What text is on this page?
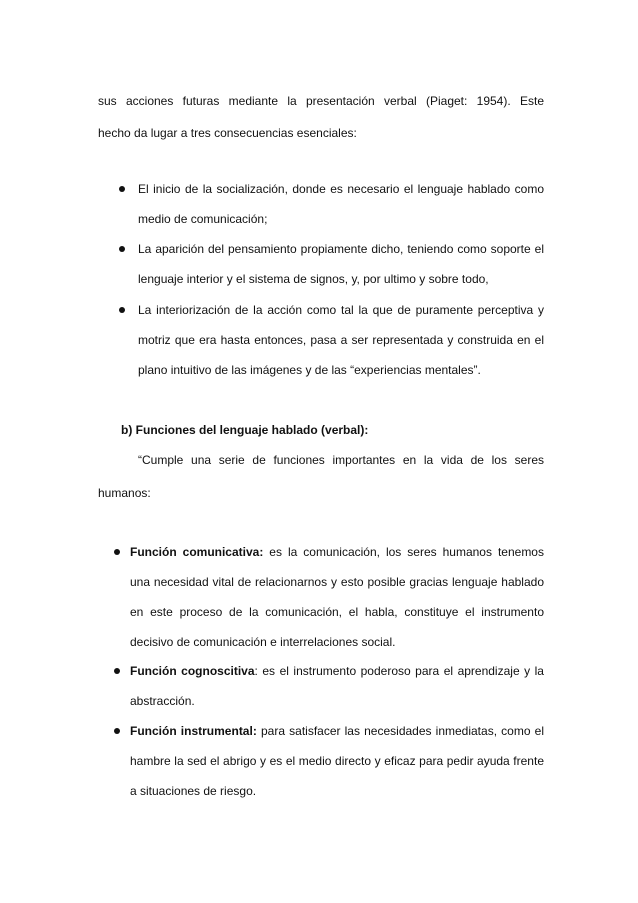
sus acciones futuras mediante la presentación verbal (Piaget: 1954). Este

hecho da lugar a tres consecuencias esenciales:

El inicio de la socialización, donde es necesario el lenguaje hablado como medio de comunicación;

La aparición del pensamiento propiamente dicho, teniendo como soporte el lenguaje interior y el sistema de signos, y, por ultimo y sobre todo,

La interiorización de la acción como tal la que de puramente perceptiva y motriz que era hasta entonces, pasa a ser representada y construida en el plano intuitivo de las imágenes y de las “experiencias mentales”.

b) Funciones del lenguaje hablado (verbal):

“Cumple una serie de funciones importantes en la vida de los seres

humanos:

Función comunicativa: es la comunicación, los seres humanos tenemos una necesidad vital de relacionarnos y esto posible gracias lenguaje hablado en este proceso de la comunicación, el habla, constituye el instrumento decisivo de comunicación e interrelaciones social.

Función cognoscitiva: es el instrumento poderoso para el aprendizaje y la abstracción.

Función instrumental: para satisfacer las necesidades inmediatas, como el hambre la sed el abrigo y es el medio directo y eficaz para pedir ayuda frente a situaciones de riesgo.
